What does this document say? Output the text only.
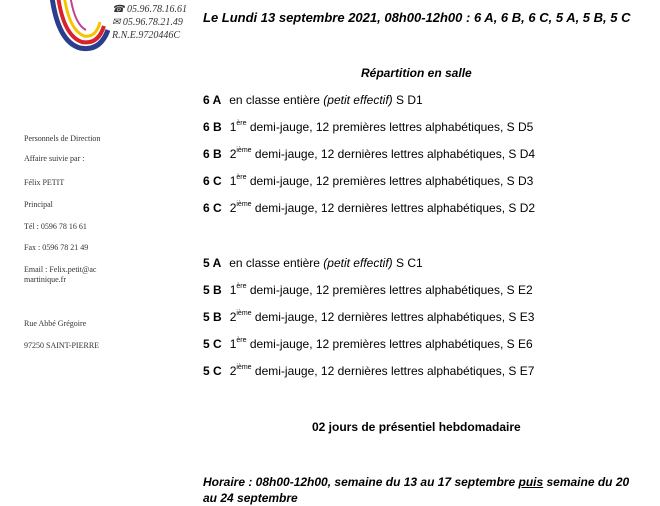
☎ 05.96.78.16.61
✉ 05.96.78.21.49
R.N.E.9720446C
Personnels de Direction
Affaire suivie par :
Félix PETIT
Principal
Tél : 0596 78 16 61
Fax : 0596 78 21 49
Email : Felix.petit@ac
martinique.fr
Rue Abbé Grégoire
97250 SAINT-PIERRE
Le Lundi 13 septembre 2021, 08h00-12h00 : 6 A, 6 B, 6 C, 5 A, 5 B, 5 C
Répartition en salle
6 A en classe entière (petit effectif) S D1
6 B 1ère demi-jauge, 12 premières lettres alphabétiques, S D5
6 B 2ième demi-jauge, 12 dernières lettres alphabétiques, S D4
6 C 1ère demi-jauge, 12 premières lettres alphabétiques, S D3
6 C 2ième demi-jauge, 12 dernières lettres alphabétiques, S D2
5 A en classe entière (petit effectif) S C1
5 B 1ère demi-jauge, 12 premières lettres alphabétiques, S E2
5 B 2ième demi-jauge, 12 dernières lettres alphabétiques, S E3
5 C 1ère demi-jauge, 12 premières lettres alphabétiques, S E6
5 C 2ième demi-jauge, 12 dernières lettres alphabétiques, S E7
02 jours de présentiel hebdomadaire
Horaire : 08h00-12h00, semaine du 13 au 17 septembre puis semaine du 20 au 24 septembre
